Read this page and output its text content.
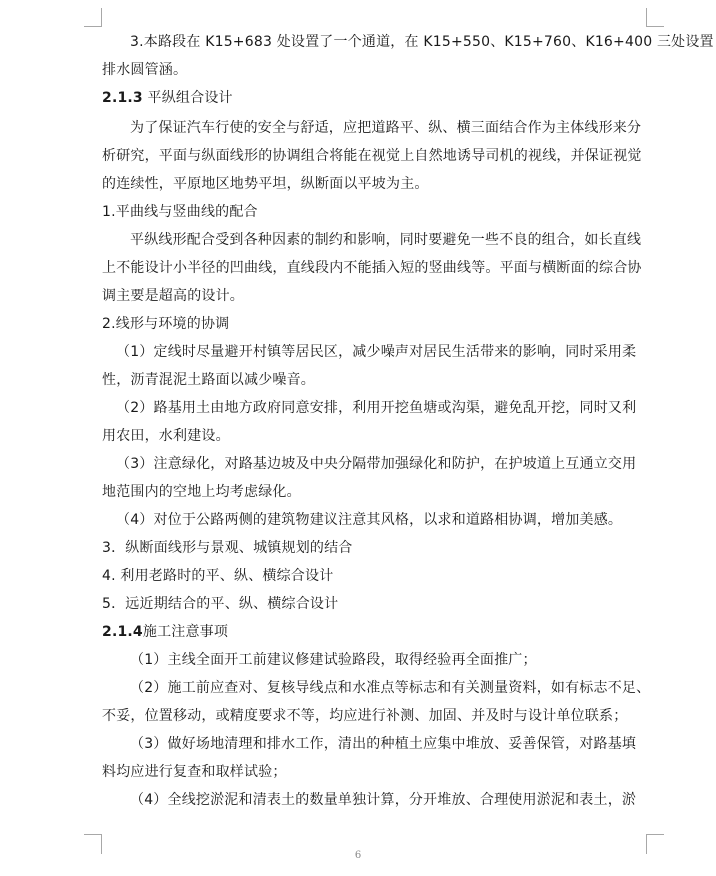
3.本路段在 K15+683 处设置了一个通道，在 K15+550、K15+760、K16+400 三处设置
排水圆管涵。
2.1.3 平纵组合设计
为了保证汽车行使的安全与舒适，应把道路平、纵、横三面结合作为主体线形来分
析研究，平面与纵面线形的协调组合将能在视觉上自然地诱导司机的视线，并保证视觉
的连续性，平原地区地势平坦，纵断面以平坡为主。
1.平曲线与竖曲线的配合
平纵线形配合受到各种因素的制约和影响，同时要避免一些不良的组合，如长直线
上不能设计小半径的凹曲线，直线段内不能插入短的竖曲线等。平面与横断面的综合协
调主要是超高的设计。
2.线形与环境的协调
（1）定线时尽量避开村镇等居民区，减少噪声对居民生活带来的影响，同时采用柔
性，沥青混泥土路面以减少噪音。
（2）路基用土由地方政府同意安排，利用开挖鱼塘或沟渠，避免乱开挖，同时又利
用农田，水利建设。
（3）注意绿化，对路基边坡及中央分隔带加强绿化和防护，在护坡道上互通立交用
地范围内的空地上均考虑绿化。
（4）对位于公路两侧的建筑物建议注意其风格，以求和道路相协调，增加美感。
3．纵断面线形与景观、城镇规划的结合
4. 利用老路时的平、纵、横综合设计
5．远近期结合的平、纵、横综合设计
2.1.4施工注意事项
（1）主线全面开工前建议修建试验路段，取得经验再全面推广；
（2）施工前应查对、复核导线点和水准点等标志和有关测量资料，如有标志不足、
不妥，位置移动，或精度要求不等，均应进行补测、加固、并及时与设计单位联系；
（3）做好场地清理和排水工作，清出的种植土应集中堆放、妥善保管，对路基填
料均应进行复查和取样试验；
（4）全线挖淤泥和清表土的数量单独计算，分开堆放、合理使用淤泥和表土，淤
6
